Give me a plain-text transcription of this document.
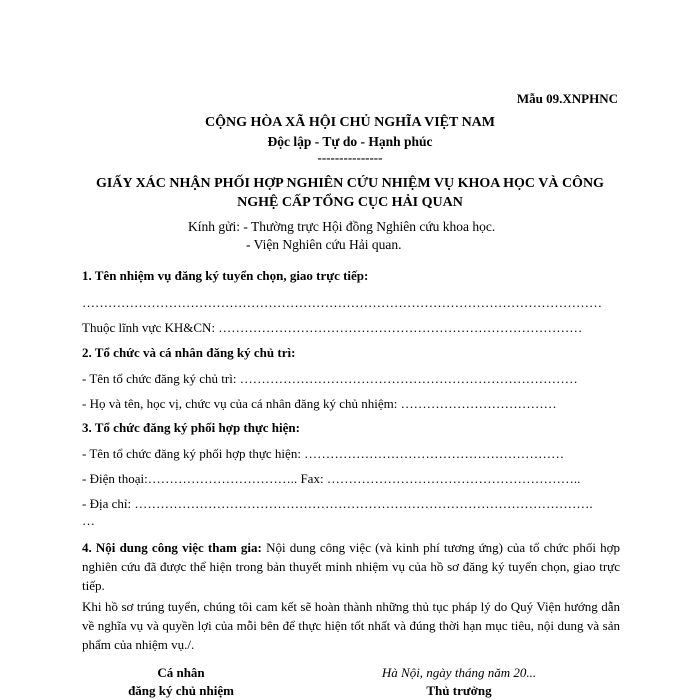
Mẫu 09.XNPHNC
CỘNG HÒA XÃ HỘI CHỦ NGHĨA VIỆT NAM
Độc lập - Tự do - Hạnh phúc
---------------
GIẤY XÁC NHẬN PHỐI HỢP NGHIÊN CỨU NHIỆM VỤ KHOA HỌC VÀ CÔNG
NGHỆ CẤP TỔNG CỤC HẢI QUAN
Kính gửi: - Thường trực Hội đồng Nghiên cứu khoa học.
- Viện Nghiên cứu Hải quan.
1. Tên nhiệm vụ đăng ký tuyển chọn, giao trực tiếp:
…………………………………………………………………………………………………………
Thuộc lĩnh vực KH&CN: …………………………………………………………………………
2. Tổ chức và cá nhân đăng ký chủ trì:
- Tên tổ chức đăng ký chủ trì: ……………………………………………………………………
- Họ và tên, học vị, chức vụ của cá nhân đăng ký chủ nhiệm: ………………………………
3. Tổ chức đăng ký phối hợp thực hiện:
- Tên tổ chức đăng ký phối hợp thực hiện: ……………………………………………………
- Điện thoại:…………………………….. Fax: …………………………………………………..
- Địa chỉ: …………………………………………………………………………………………….
…
4. Nội dung công việc tham gia: Nội dung công việc (và kinh phí tương ứng) của tổ chức phối hợp nghiên cứu đã được thể hiện trong bản thuyết minh nhiệm vụ của hồ sơ đăng ký tuyển chọn, giao trực tiếp.
Khi hồ sơ trúng tuyển, chúng tôi cam kết sẽ hoàn thành những thủ tục pháp lý do Quý Viện hướng dẫn về nghĩa vụ và quyền lợi của mỗi bên để thực hiện tốt nhất và đúng thời hạn mục tiêu, nội dung và sản phẩm của nhiệm vụ./.
Cá nhân
đăng ký chủ nhiệm
Hà Nội, ngày tháng năm 20...
Thủ trưởng
